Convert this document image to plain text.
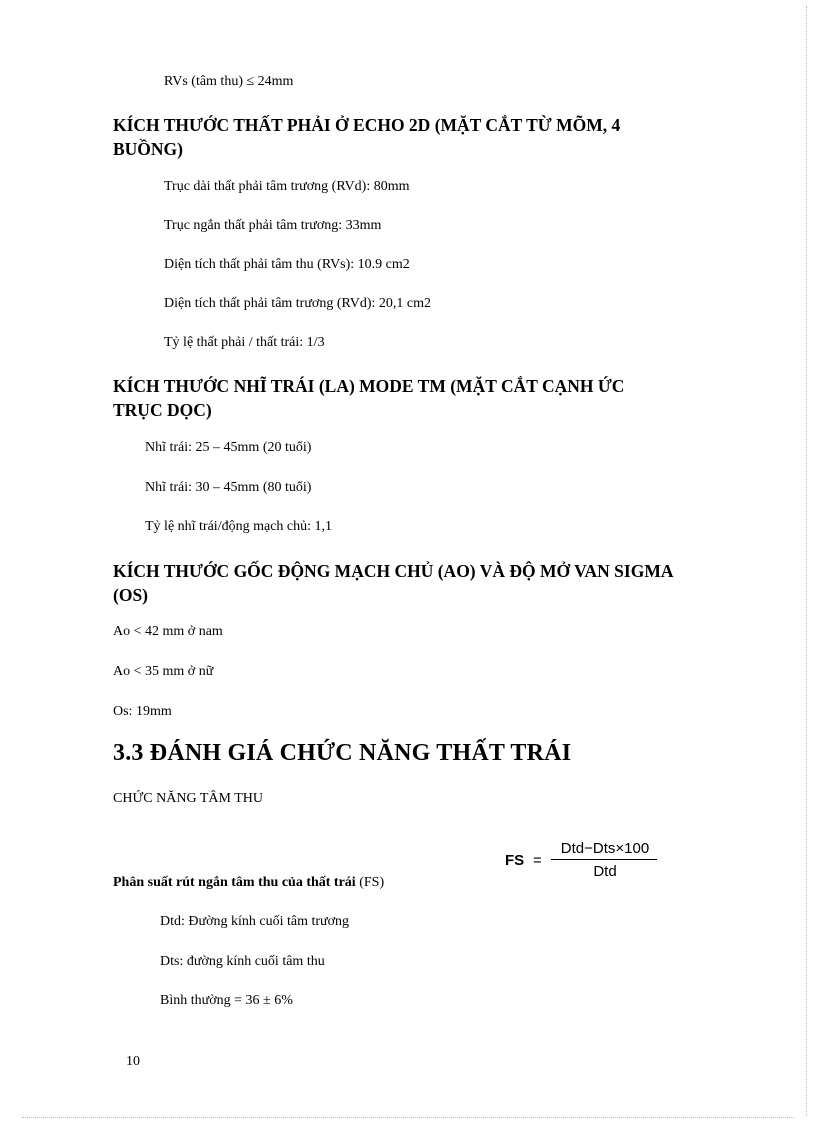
RVs (tâm thu) ≤ 24mm
KÍCH THƯỚC THẤT PHẢI Ở ECHO 2D (MẶT CẮT TỪ MÕM, 4 BUỒNG)
Trục dài thất phải tâm trương (RVd): 80mm
Trục ngắn thất phải tâm trương: 33mm
Diện tích thất phải tâm thu (RVs): 10.9 cm2
Diện tích thất phải tâm trương (RVd): 20,1 cm2
Tỷ lệ thất phải / thất trái: 1/3
KÍCH THƯỚC NHĨ TRÁI (LA) MODE TM (MẶT CẮT CẠNH ỨC TRỤC DỌC)
Nhĩ trái: 25 – 45mm (20 tuổi)
Nhĩ trái: 30 – 45mm (80 tuổi)
Tỷ lệ nhĩ trái/động mạch chủ: 1,1
KÍCH THƯỚC GỐC ĐỘNG MẠCH CHỦ (AO) VÀ ĐỘ MỞ VAN SIGMA (OS)
Ao < 42 mm ở nam
Ao < 35 mm ở nữ
Os: 19mm
3.3 ĐÁNH GIÁ CHỨC NĂNG THẤT TRÁI
CHỨC NĂNG TÂM THU
FS =
Dtd−Dts×100
Dtd
Phân suất rút ngắn tâm thu của thất trái (FS)
Dtd: Đường kính cuối tâm trương
Dts: đường kính cuối tâm thu
Bình thường = 36 ± 6%
10
